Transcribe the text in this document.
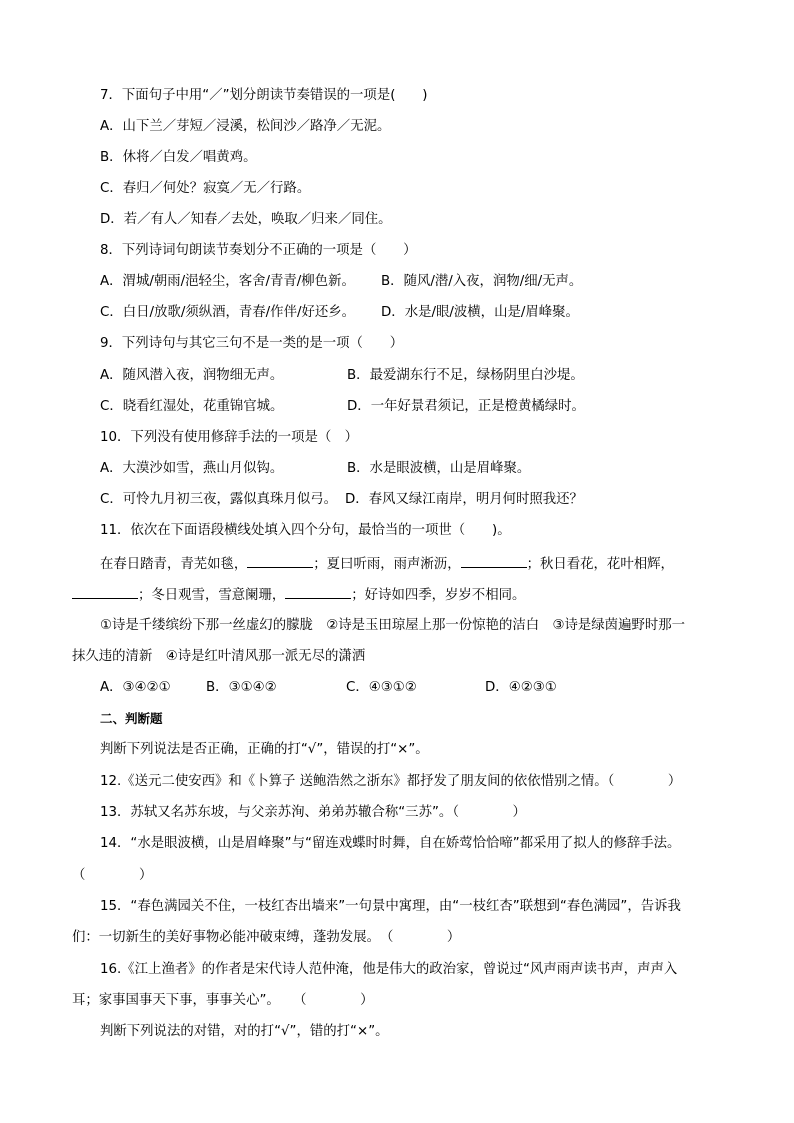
7．下面句子中用“／”划分朗读节奏错误的一项是(　　)
A．山下兰／芽短／浸溪，松间沙／路净／无泥。
B．休将／白发／唱黄鸡。
C．春归／何处？寂寞／无／行路。
D．若／有人／知春／去处，唤取／归来／同住。
8．下列诗词句朗读节奏划分不正确的一项是（　　）
A．渭城/朝雨/浥轻尘，客舍/青青/柳色新。 B．随风/潜/入夜，润物/细/无声。
C．白日/放歌/须纵酒，青春/作伴/好还乡。 D．水是/眼/波横，山是/眉峰聚。
9．下列诗句与其它三句不是一类的是一项（　　）
A．随风潜入夜，润物细无声。	B．最爱湖东行不足，绿杨阴里白沙堤。
C．晓看红湿处，花重锦官城。	D．一年好景君须记，正是橙黄橘绿时。
10．下列没有使用修辞手法的一项是（　）
A．大漠沙如雪，燕山月似钩。	B．水是眼波横，山是眉峰聚。
C．可怜九月初三夜，露似真珠月似弓。 D．春风又绿江南岸，明月何时照我还？
11．依次在下面语段横线处填入四个分句，最恰当的一项世（　　)。
在春日踏青，青芜如毯，	；夏曰听雨，雨声淅沥，	；秋日看花，花叶相辉，
；冬日观雪，雪意阑珊，	；好诗如四季，岁岁不相同。
①诗是千缕缤纷下那一丝虚幻的朦胧　②诗是玉田琼屋上那一份惊艳的洁白　③诗是绿茵遍野时那一
抹久违的清新　④诗是红叶清风那一派无尽的潇洒
A．③④②①	B．③①④②	C．④③①②	D．④②③①
二、判断题
判断下列说法是否正确，正确的打“√”，错误的打“×”。
12.《送元二使安西》和《卜算子 送鲍浩然之浙东》都抒发了朋友间的依依惜别之情。（　　　　）
13．苏轼又名苏东坡，与父亲苏洵、弟弟苏辙合称“三苏”。（　　　　）
14．“水是眼波横，山是眉峰聚”与“留连戏蝶时时舞，自在娇莺恰恰啼”都采用了拟人的修辞手法。
（　　　　）
15．“春色满园关不住，一枝红杏出墙来”一句景中寓理，由“一枝红杏”联想到“春色满园”，告诉我
们：一切新生的美好事物必能冲破束缚，蓬勃发展。　（　　　　）
16.《江上渔者》的作者是宋代诗人范仲淹，他是伟大的政治家，曾说过“风声雨声读书声，声声入
耳；家事国事天下事，事事关心”。　　（　　　　）
判断下列说法的对错，对的打“√”，错的打“×”。
